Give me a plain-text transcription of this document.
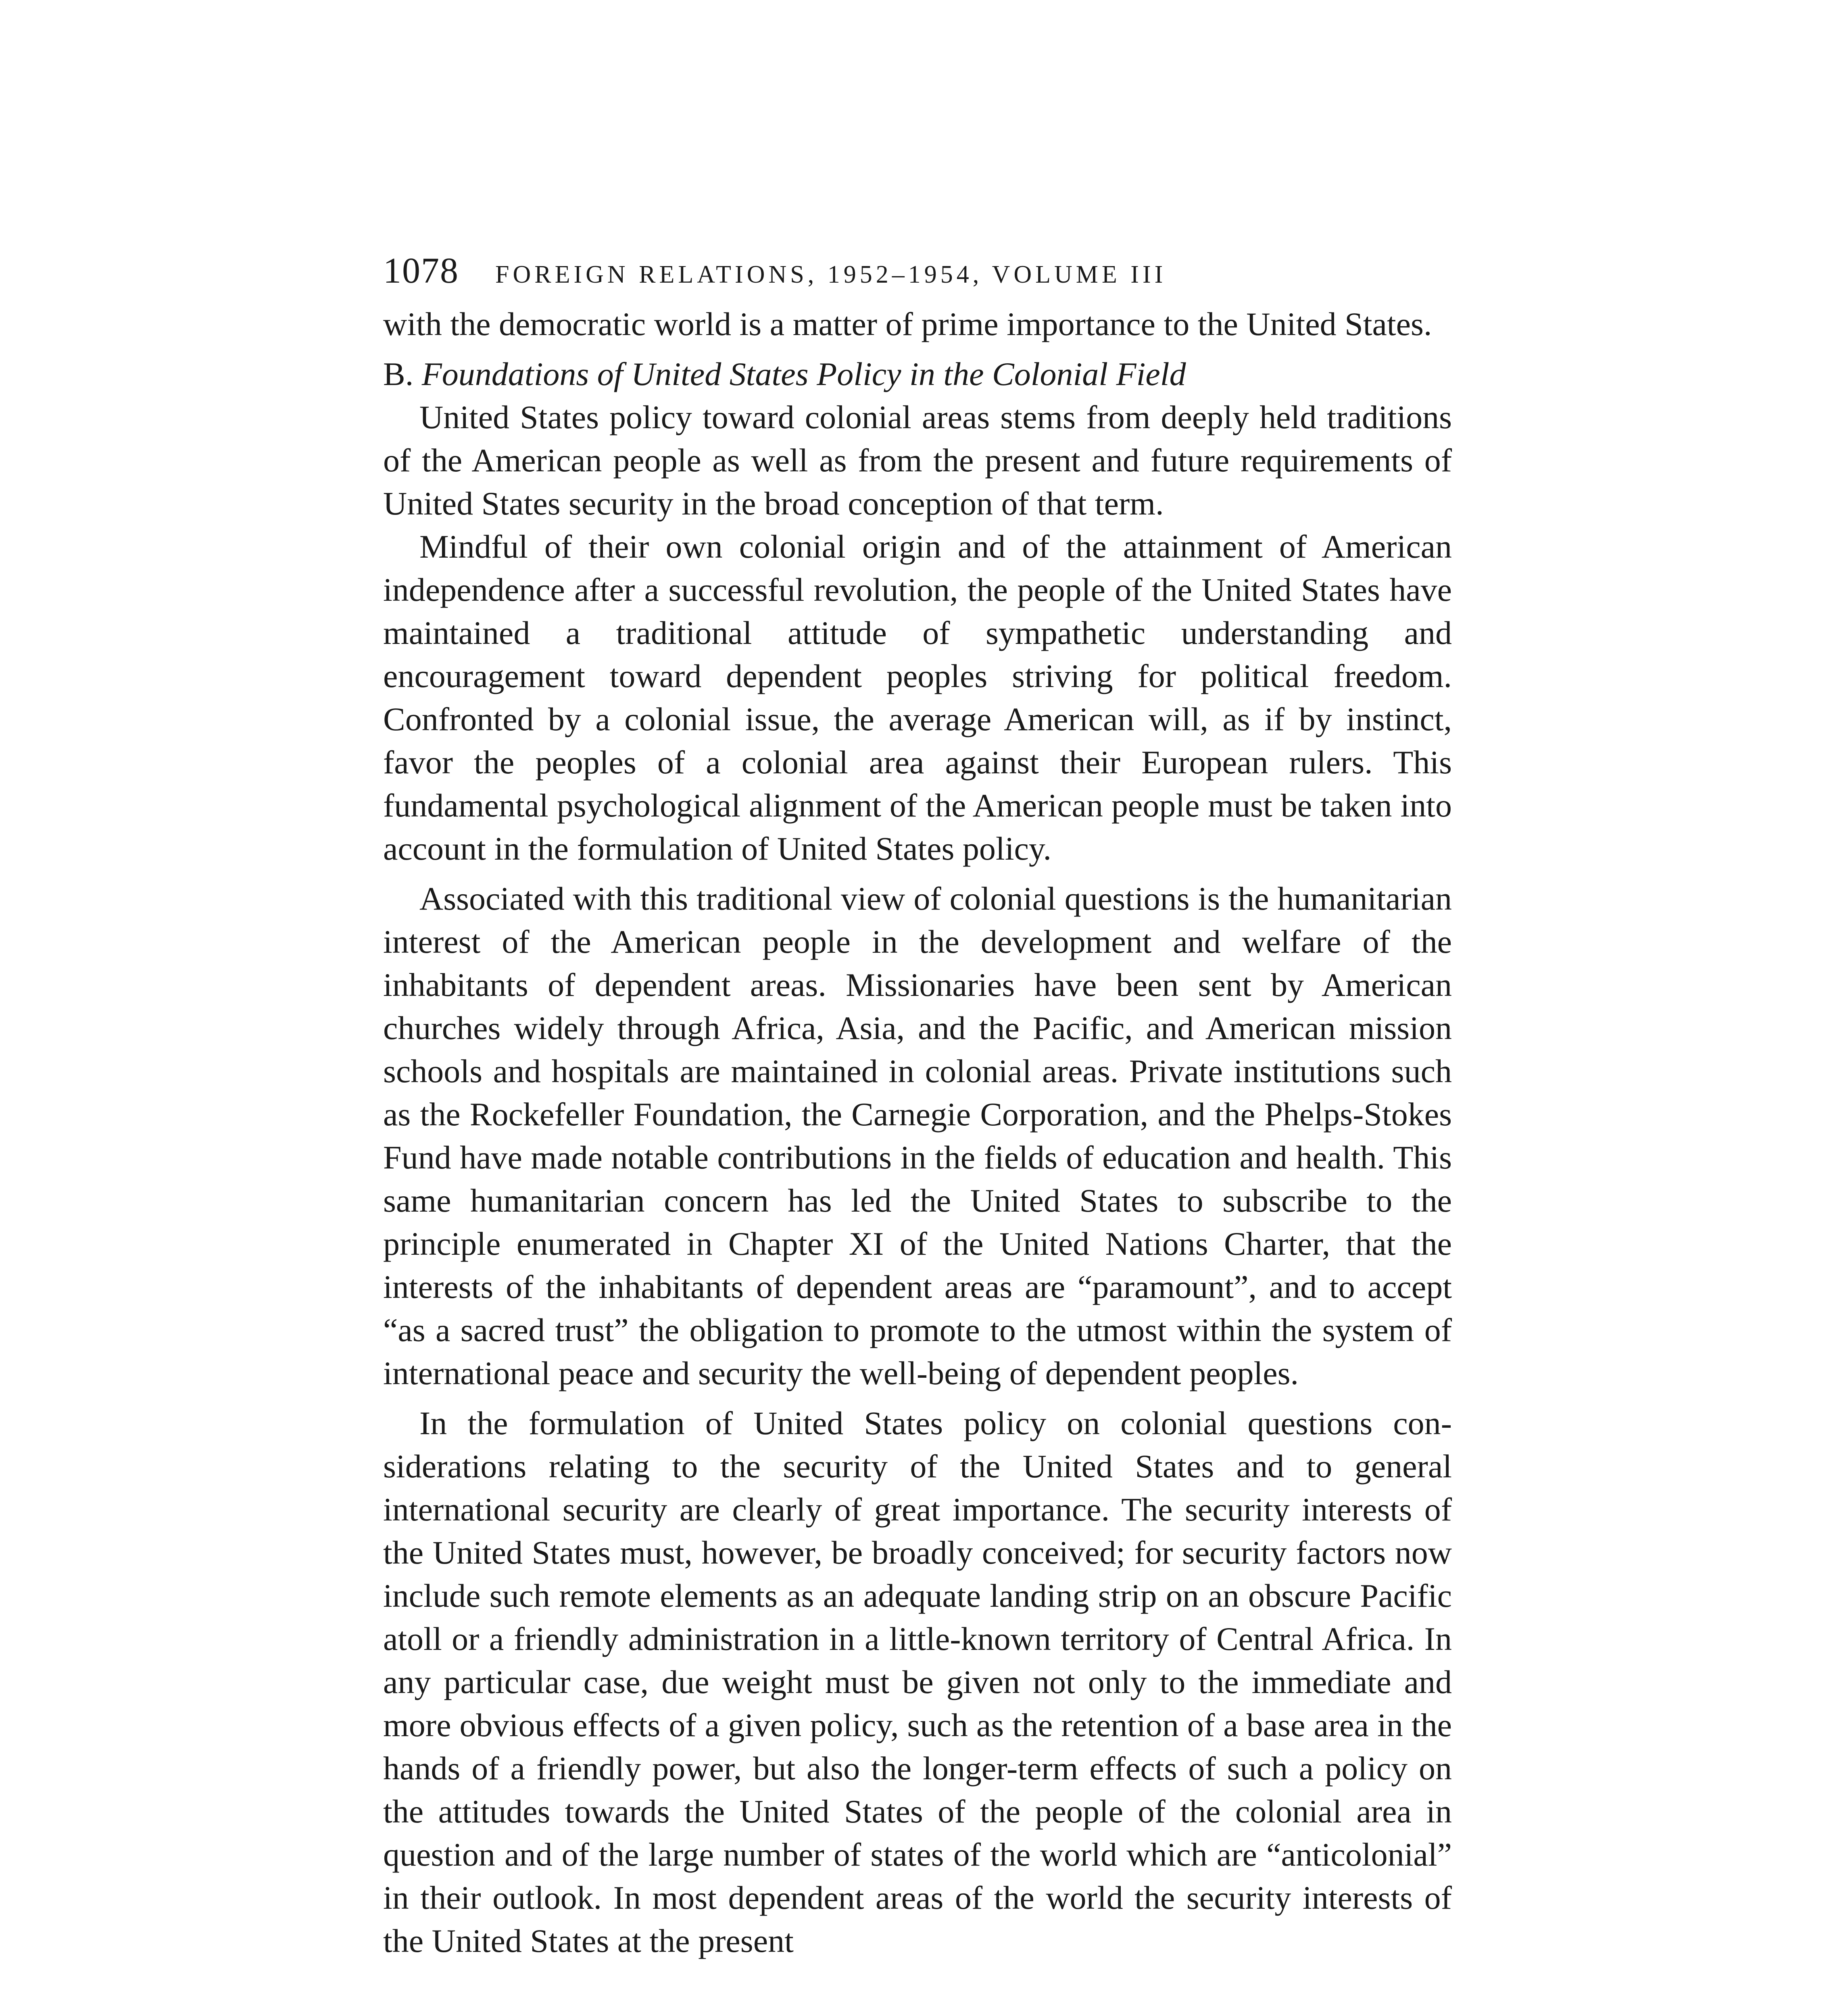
1078 FOREIGN RELATIONS, 1952–1954, VOLUME III

with the democratic world is a matter of prime importance to the United States.

B. Foundations of United States Policy in the Colonial Field

United States policy toward colonial areas stems from deeply held traditions of the American people as well as from the present and future requirements of United States security in the broad conception of that term.

Mindful of their own colonial origin and of the attainment of American independence after a successful revolution, the people of the United States have maintained a traditional attitude of sympathetic understanding and encouragement toward dependent peoples striving for political freedom. Confronted by a colonial issue, the average American will, as if by instinct, favor the peoples of a colonial area against their European rulers. This fundamental psychological alignment of the American people must be taken into account in the formulation of United States policy.

Associated with this traditional view of colonial questions is the humanitarian interest of the American people in the development and welfare of the inhabitants of dependent areas. Missionaries have been sent by American churches widely through Africa, Asia, and the Pacific, and American mission schools and hospitals are maintained in colonial areas. Private institutions such as the Rockefeller Foundation, the Carnegie Corporation, and the Phelps-Stokes Fund have made notable contributions in the fields of education and health. This same humanitarian concern has led the United States to subscribe to the principle enumerated in Chapter XI of the United Nations Charter, that the interests of the inhabitants of dependent areas are “paramount”, and to accept “as a sacred trust” the obligation to promote to the utmost within the system of international peace and security the well-being of dependent peoples.

In the formulation of United States policy on colonial questions considerations relating to the security of the United States and to general international security are clearly of great importance. The security interests of the United States must, however, be broadly conceived; for security factors now include such remote elements as an adequate landing strip on an obscure Pacific atoll or a friendly administration in a little-known territory of Central Africa. In any particular case, due weight must be given not only to the immediate and more obvious effects of a given policy, such as the retention of a base area in the hands of a friendly power, but also the longer-term effects of such a policy on the attitudes towards the United States of the people of the colonial area in question and of the large number of states of the world which are “anticolonial” in their outlook. In most dependent areas of the world the security interests of the United States at the present
